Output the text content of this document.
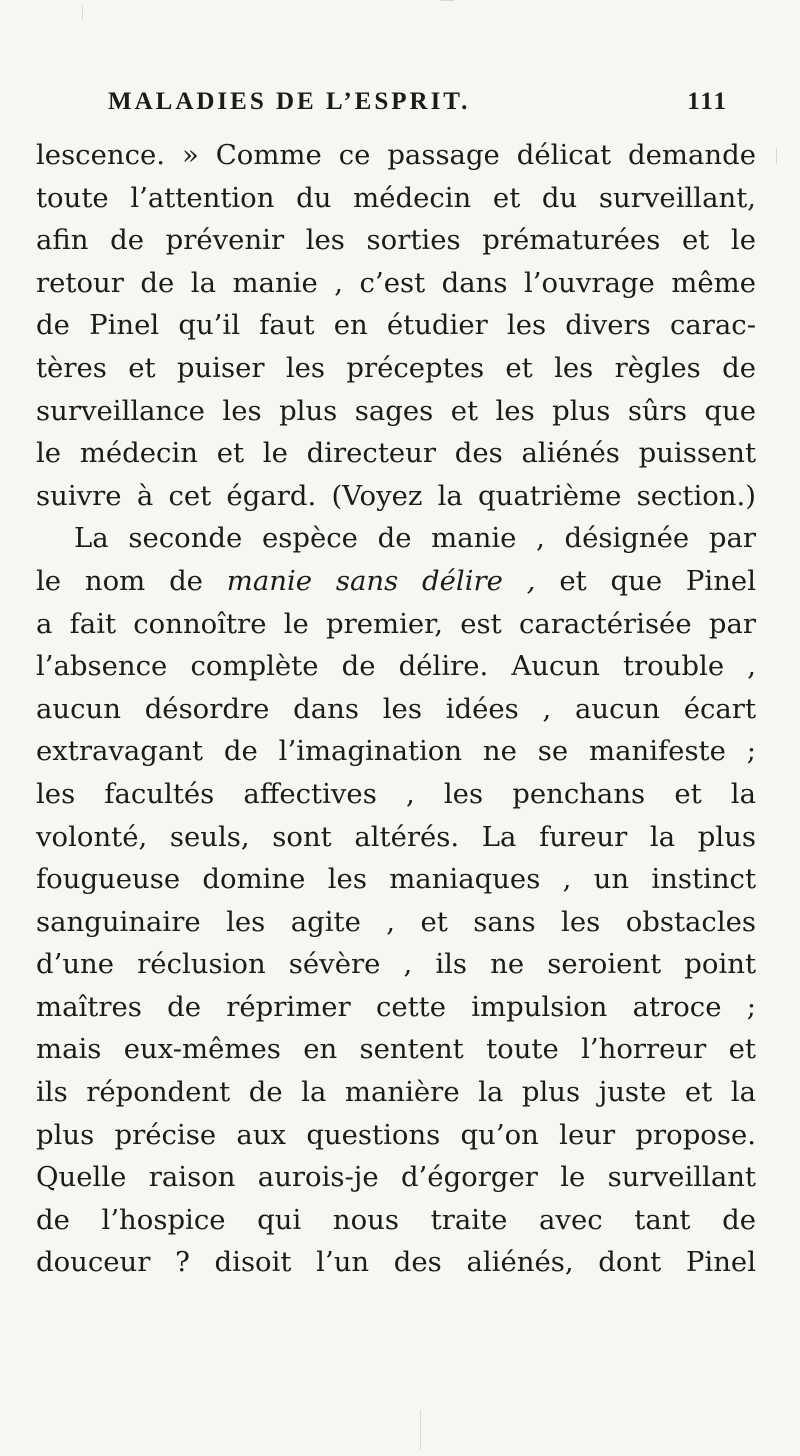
MALADIES DE L’ESPRIT.	111
lescence. » Comme ce passage délicat demande
toute l’attention du médecin et du surveillant,
afin de prévenir les sorties prématurées et le
retour de la manie , c’est dans l’ouvrage même
de Pinel qu’il faut en étudier les divers carac-
tères et puiser les préceptes et les règles de
surveillance les plus sages et les plus sûrs que
le médecin et le directeur des aliénés puissent
suivre à cet égard. (Voyez la quatrième section.)
La seconde espèce de manie , désignée par
le nom de manie sans délire , et que Pinel
a fait connoître le premier, est caractérisée par
l’absence complète de délire. Aucun trouble ,
aucun désordre dans les idées , aucun écart
extravagant de l’imagination ne se manifeste ;
les facultés affectives , les penchans et la
volonté, seuls, sont altérés. La fureur la plus
fougueuse domine les maniaques , un instinct
sanguinaire les agite , et sans les obstacles
d’une réclusion sévère , ils ne seroient point
maîtres de réprimer cette impulsion atroce ;
mais eux-mêmes en sentent toute l’horreur et
ils répondent de la manière la plus juste et la
plus précise aux questions qu’on leur propose.
Quelle raison aurois-je d’égorger le surveillant
de l’hospice qui nous traite avec tant de
douceur ? disoit l’un des aliénés, dont Pinel
